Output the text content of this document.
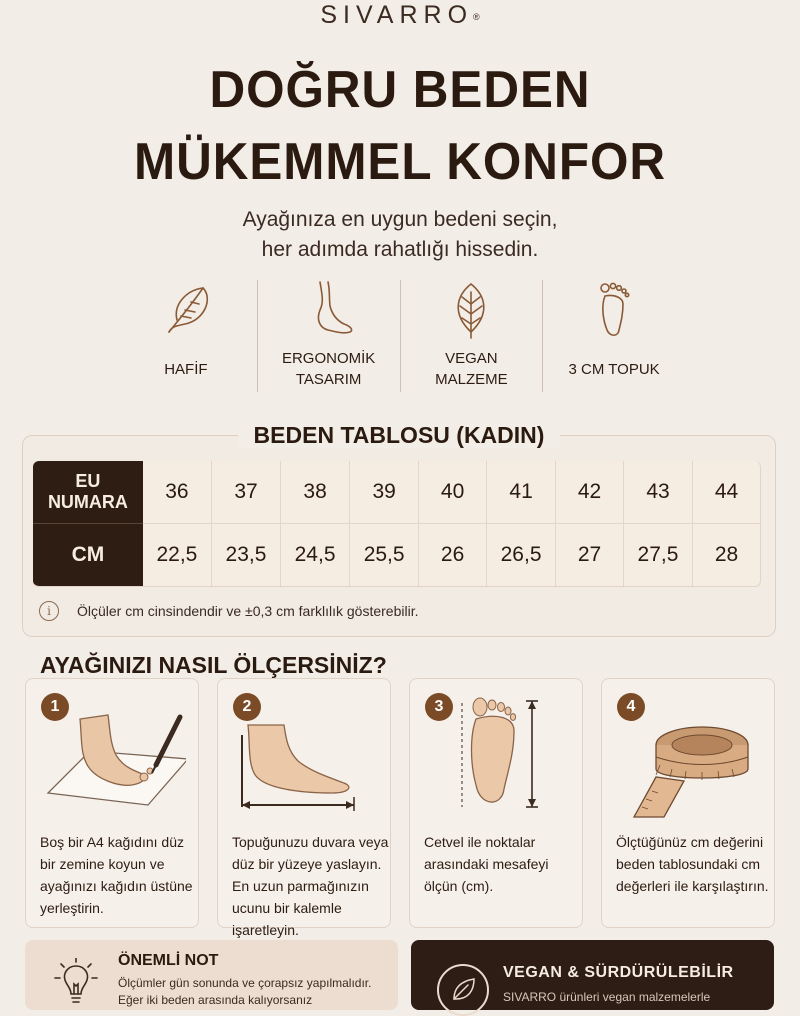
SIVARRO®
DOĞRU BEDEN
MÜKEMMEL KONFOR
Ayağınıza en uygun bedeni seçin,
her adımda rahatlığı hissedin.
HAFİF
ERGONOMİK TASARIM
VEGAN MALZEME
3 CM TOPUK
BEDEN TABLOSU (KADIN)
EU NUMARA	36	37	38	39	40	41	42	43	44
CM	22,5	23,5	24,5	25,5	26	26,5	27	27,5	28
i	Ölçüler cm cinsindendir ve ±0,3 cm farklılık gösterebilir.
AYAĞINIZI NASIL ÖLÇERSİNİZ?
1
Boş bir A4 kağıdını düz bir zemine koyun ve ayağınızı kağıdın üstüne yerleştirin.
2
Topuğunuzu duvara veya düz bir yüzeye yaslayın. En uzun parmağınızın ucunu bir kalemle işaretleyin.
3
Cetvel ile noktalar arasındaki mesafeyi ölçün (cm).
4
Ölçtüğünüz cm değerini beden tablosundaki cm değerleri ile karşılaştırın.
ÖNEMLİ NOT
Ölçümler gün sonunda ve çorapsız yapılmalıdır.
Eğer iki beden arasında kalıyorsanız
VEGAN & SÜRDÜRÜLEBİLİR
SIVARRO ürünleri vegan malzemelerle
